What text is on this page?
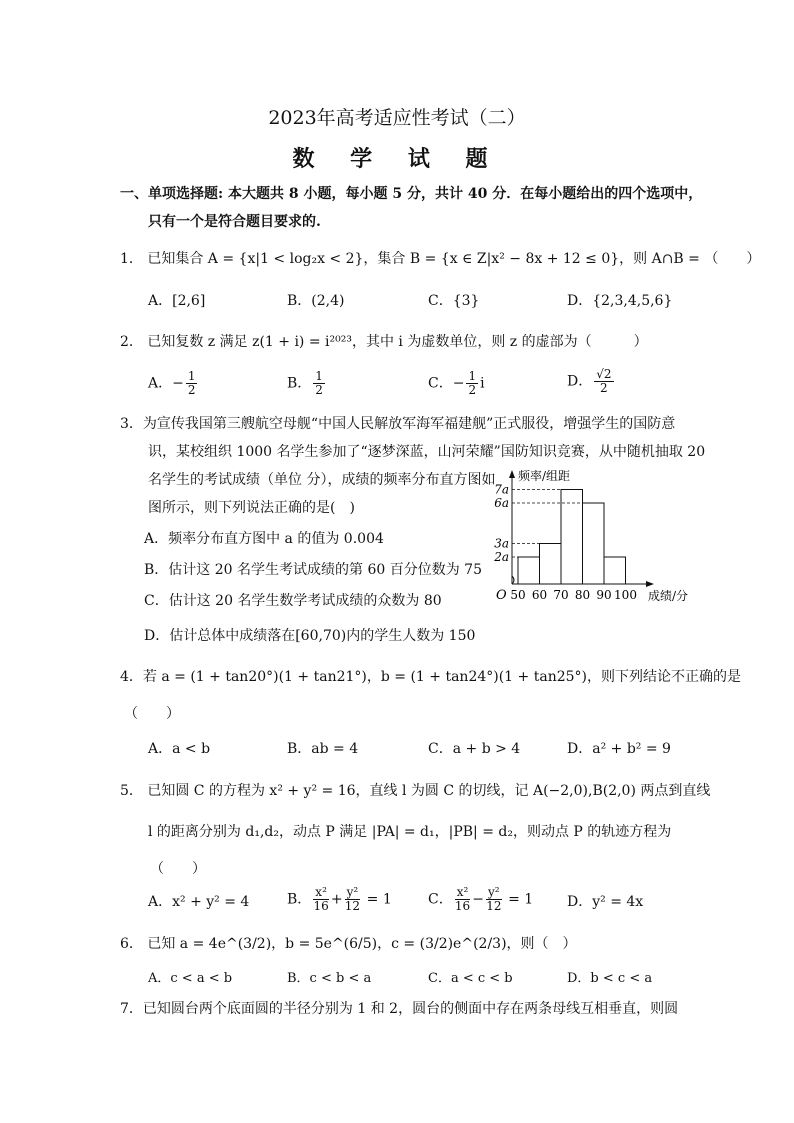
2023年高考适应性考试（二）
数 学 试 题
一、单项选择题: 本大题共 8 小题，每小题 5 分，共计 40 分．在每小题给出的四个选项中，
只有一个是符合题目要求的.
1． 已知集合 A = {x|1 < log₂x < 2}，集合 B = {x ∈ Z|x² − 8x + 12 ≤ 0}，则 A∩B = （　　）
A．[2,6]	B．(2,4)	C．{3}	D．{2,3,4,5,6}
2． 已知复数 z 满足 z(1 + i) = i²⁰²³，其中 i 为虚数单位，则 z 的虚部为（　　　）
A．− $\frac{1}{2}$	B． $\frac{1}{2}$	C．− $\frac{1}{2}$ i	D． $\frac{√2}{2}$
3．为宣传我国第三艘航空母舰“中国人民解放军海军福建舰”正式服役，增强学生的国防意
识，某校组织 1000 名学生参加了“逐梦深蓝，山河荣耀”国防知识竞赛，从中随机抽取 20
名学生的考试成绩（单位 分），成绩的频率分布直方图如
图所示，则下列说法正确的是(　)
A．频率分布直方图中 a 的值为 0.004
B．估计这 20 名学生考试成绩的第 60 百分位数为 75
C．估计这 20 名学生数学考试成绩的众数为 80
D．估计总体中成绩落在[60,70)内的学生人数为 150
频率/组距
成绩/分
O
2a
3a
6a
7a
50 60 70 80 90 100
4．若 a = (1 + tan20°)(1 + tan21°)，b = (1 + tan24°)(1 + tan25°)，则下列结论不正确的是
（　　）
A．a < b	B．ab = 4	C．a + b > 4	D．a² + b² = 9
5． 已知圆 C 的方程为 x² + y² = 16，直线 l 为圆 C 的切线，记 A(−2,0),B(2,0) 两点到直线
l 的距离分别为 d₁,d₂，动点 P 满足 |PA| = d₁，|PB| = d₂，则动点 P 的轨迹方程为
（　　）
A．x² + y² = 4	B． $\frac{\text{x²}}{16} + \frac{\text{y²}}{12} = 1$	C． $\frac{\text{x²}}{16} - \frac{\text{y²}}{12} = 1$ D．y² = 4x
6． 已知 a = 4e^(3/2)，b = 5e^(6/5)，c = (3/2)e^(2/3)，则（　）
A．c < a < b	B．c < b < a	C．a < c < b	D．b < c < a
7．已知圆台两个底面圆的半径分别为 1 和 2，圆台的侧面中存在两条母线互相垂直，则圆
